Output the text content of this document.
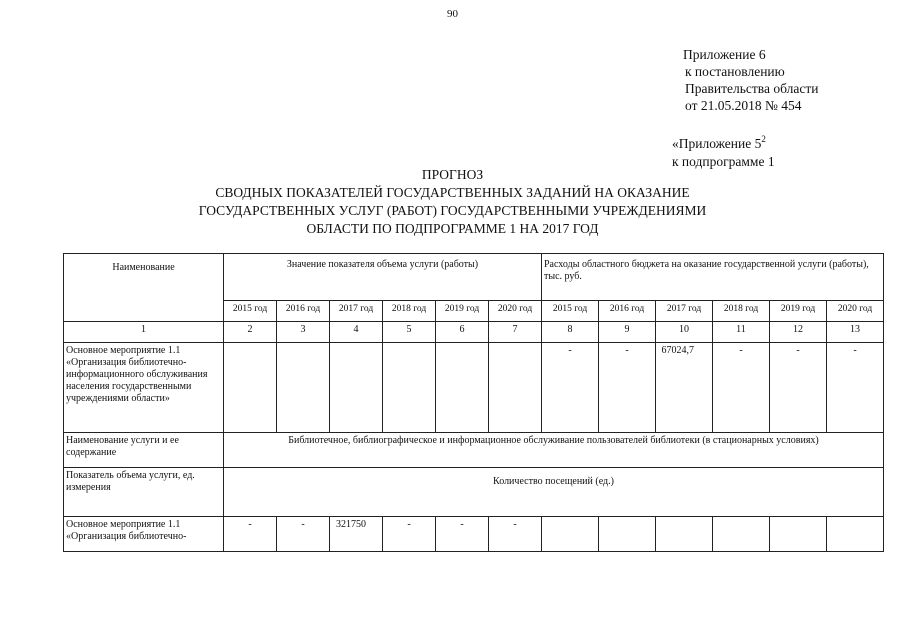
90
Приложение 6
к постановлению
Правительства области
от 21.05.2018 № 454
«Приложение $5^2$
к подпрограмме 1
ПРОГНОЗ
СВОДНЫХ ПОКАЗАТЕЛЕЙ ГОСУДАРСТВЕННЫХ ЗАДАНИЙ НА ОКАЗАНИЕ
ГОСУДАРСТВЕННЫХ УСЛУГ (РАБОТ) ГОСУДАРСТВЕННЫМИ УЧРЕЖДЕНИЯМИ
ОБЛАСТИ ПО ПОДПРОГРАММЕ 1 НА 2017 ГОД
Наименование	Значение показателя объема услуги (работы)						Расходы областного бюджета на оказание государственной услуги (работы), тыс. руб.					
	2015 год	2016 год	2017 год	2018 год	2019 год	2020 год	2015 год	2016 год	2017 год	2018 год	2019 год	2020 год
1	2	3	4	5	6	7	8	9	10	11	12	13
Основное мероприятие 1.1 «Организация библиотечно-информационного обслуживания населения государственными учреждениями области»							-	-	67024,7	-	-	-
Наименование услуги и ее содержание	Библиотечное, библиографическое и информационное обслуживание пользователей библиотеки (в стационарных условиях)											
Показатель объема услуги, ед. измерения	Количество посещений (ед.)											
Основное мероприятие 1.1 «Организация библиотечно-	-	-	321750	-	-	-						
